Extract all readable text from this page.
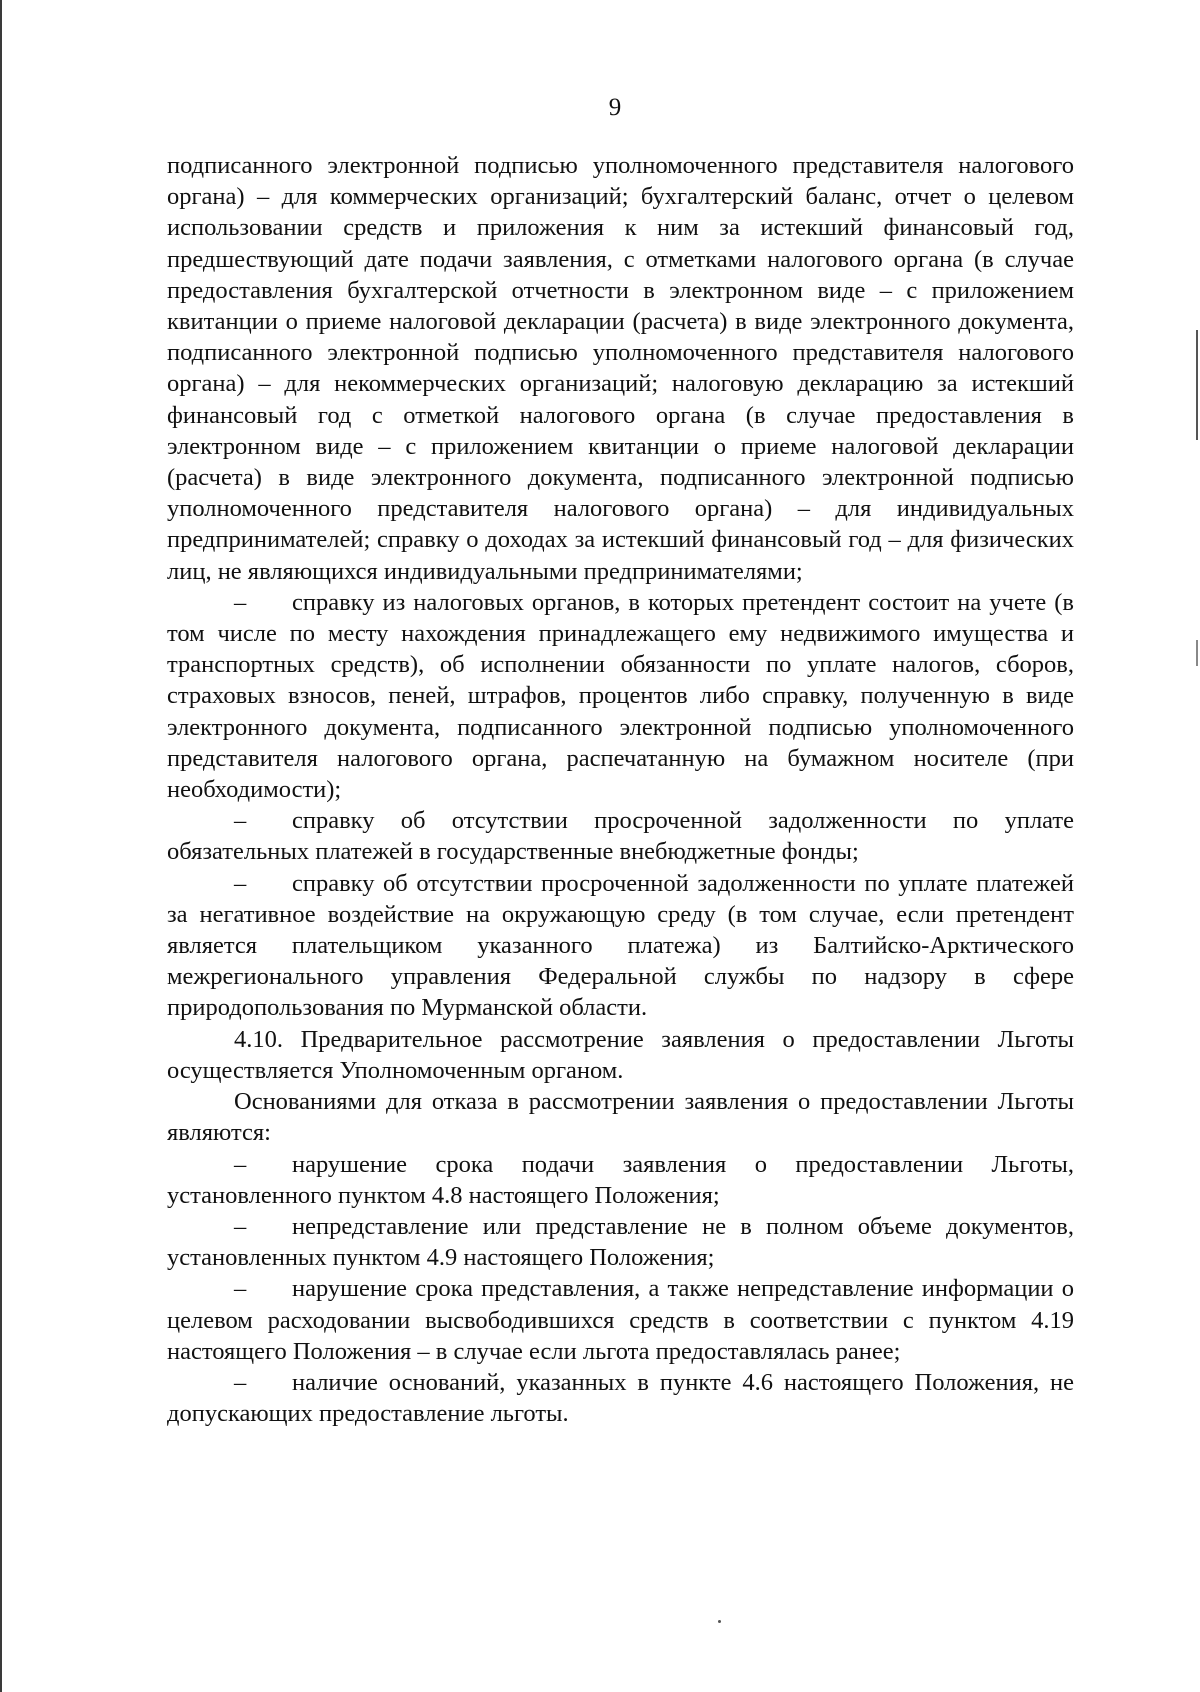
9

подписанного электронной подписью уполномоченного представителя налогового органа) – для коммерческих организаций; бухгалтерский баланс, отчет о целевом использовании средств и приложения к ним за истекший финансовый год, предшествующий дате подачи заявления, с отметками налогового органа (в случае предоставления бухгалтерской отчетности в электронном виде – с приложением квитанции о приеме налоговой декларации (расчета) в виде электронного документа, подписанного электронной подписью уполномоченного представителя налогового органа) – для некоммерческих организаций; налоговую декларацию за истекший финансовый год с отметкой налогового органа (в случае предоставления в электронном виде – с приложением квитанции о приеме налоговой декларации (расчета) в виде электронного документа, подписанного электронной подписью уполномоченного представителя налогового органа) – для индивидуальных предпринимателей; справку о доходах за истекший финансовый год – для физических лиц, не являющихся индивидуальными предпринимателями;

– справку из налоговых органов, в которых претендент состоит на учете (в том числе по месту нахождения принадлежащего ему недвижимого имущества и транспортных средств), об исполнении обязанности по уплате налогов, сборов, страховых взносов, пеней, штрафов, процентов либо справку, полученную в виде электронного документа, подписанного электронной подписью уполномоченного представителя налогового органа, распечатанную на бумажном носителе (при необходимости);

– справку об отсутствии просроченной задолженности по уплате обязательных платежей в государственные внебюджетные фонды;

– справку об отсутствии просроченной задолженности по уплате платежей за негативное воздействие на окружающую среду (в том случае, если претендент является плательщиком указанного платежа) из Балтийско-Арктического межрегионального управления Федеральной службы по надзору в сфере природопользования по Мурманской области.

4.10. Предварительное рассмотрение заявления о предоставлении Льготы осуществляется Уполномоченным органом.

Основаниями для отказа в рассмотрении заявления о предоставлении Льготы являются:

– нарушение срока подачи заявления о предоставлении Льготы, установленного пунктом 4.8 настоящего Положения;

– непредставление или представление не в полном объеме документов, установленных пунктом 4.9 настоящего Положения;

– нарушение срока представления, а также непредставление информации о целевом расходовании высвободившихся средств в соответствии с пунктом 4.19 настоящего Положения – в случае если льгота предоставлялась ранее;

– наличие оснований, указанных в пункте 4.6 настоящего Положения, не допускающих предоставление льготы.
